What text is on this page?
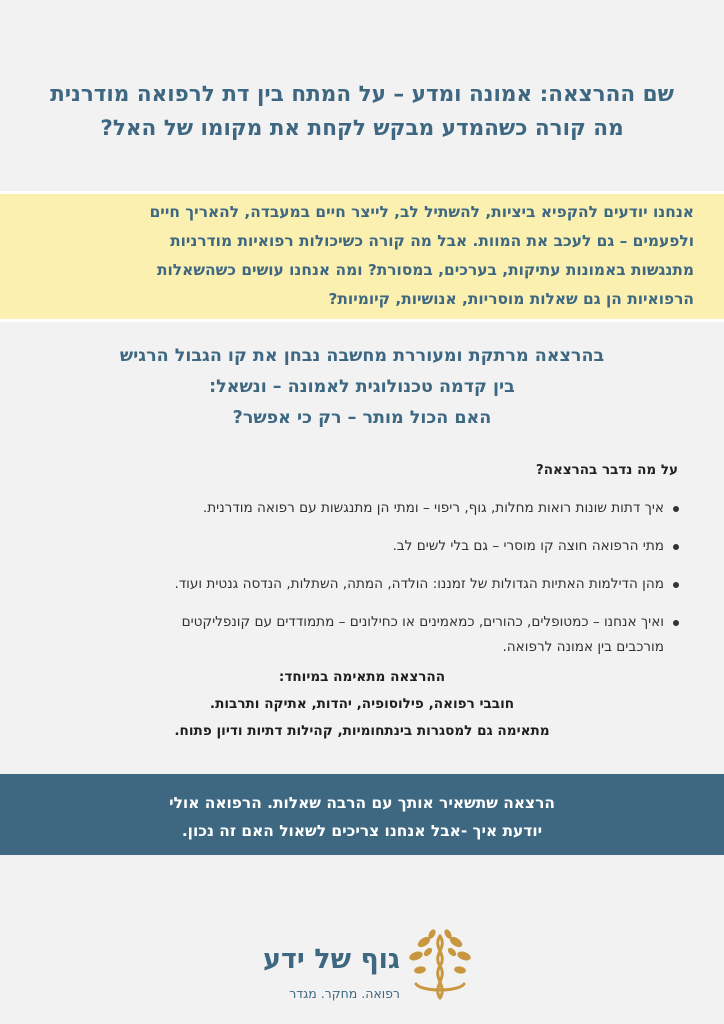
שם ההרצאה: אמונה ומדע – על המתח בין דת לרפואה מודרנית
מה קורה כשהמדע מבקש לקחת את מקומו של האל?
אנחנו יודעים להקפיא ביציות, להשתיל לב, לייצר חיים במעבדה, להאריך חיים
ולפעמים – גם לעכב את המוות. אבל מה קורה כשיכולות רפואיות מודרניות
מתנגשות באמונות עתיקות, בערכים, במסורת? ומה אנחנו עושים כשהשאלות
הרפואיות הן גם שאלות מוסריות, אנושיות, קיומיות?
בהרצאה מרתקת ומעוררת מחשבה נבחן את קו הגבול הרגיש
בין קדמה טכנולוגית לאמונה – ונשאל:
האם הכול מותר – רק כי אפשר?
על מה נדבר בהרצאה?
איך דתות שונות רואות מחלות, גוף, ריפוי – ומתי הן מתנגשות עם רפואה מודרנית.
מתי הרפואה חוצה קו מוסרי – גם בלי לשים לב.
מהן הדילמות האתיות הגדולות של זמננו: הולדה, המתה, השתלות, הנדסה גנטית ועוד.
ואיך אנחנו – כמטופלים, כהורים, כמאמינים או כחילונים – מתמודדים עם קונפליקטים
מורכבים בין אמונה לרפואה.
ההרצאה מתאימה במיוחד:
חובבי רפואה, פילוסופיה, יהדות, אתיקה ותרבות.
מתאימה גם למסגרות בינתחומיות, קהילות דתיות ודיון פתוח.
הרצאה שתשאיר אותך עם הרבה שאלות. הרפואה אולי
יודעת איך -אבל אנחנו צריכים לשאול האם זה נכון.
גוף של ידע
רפואה. מחקר. מגדר
